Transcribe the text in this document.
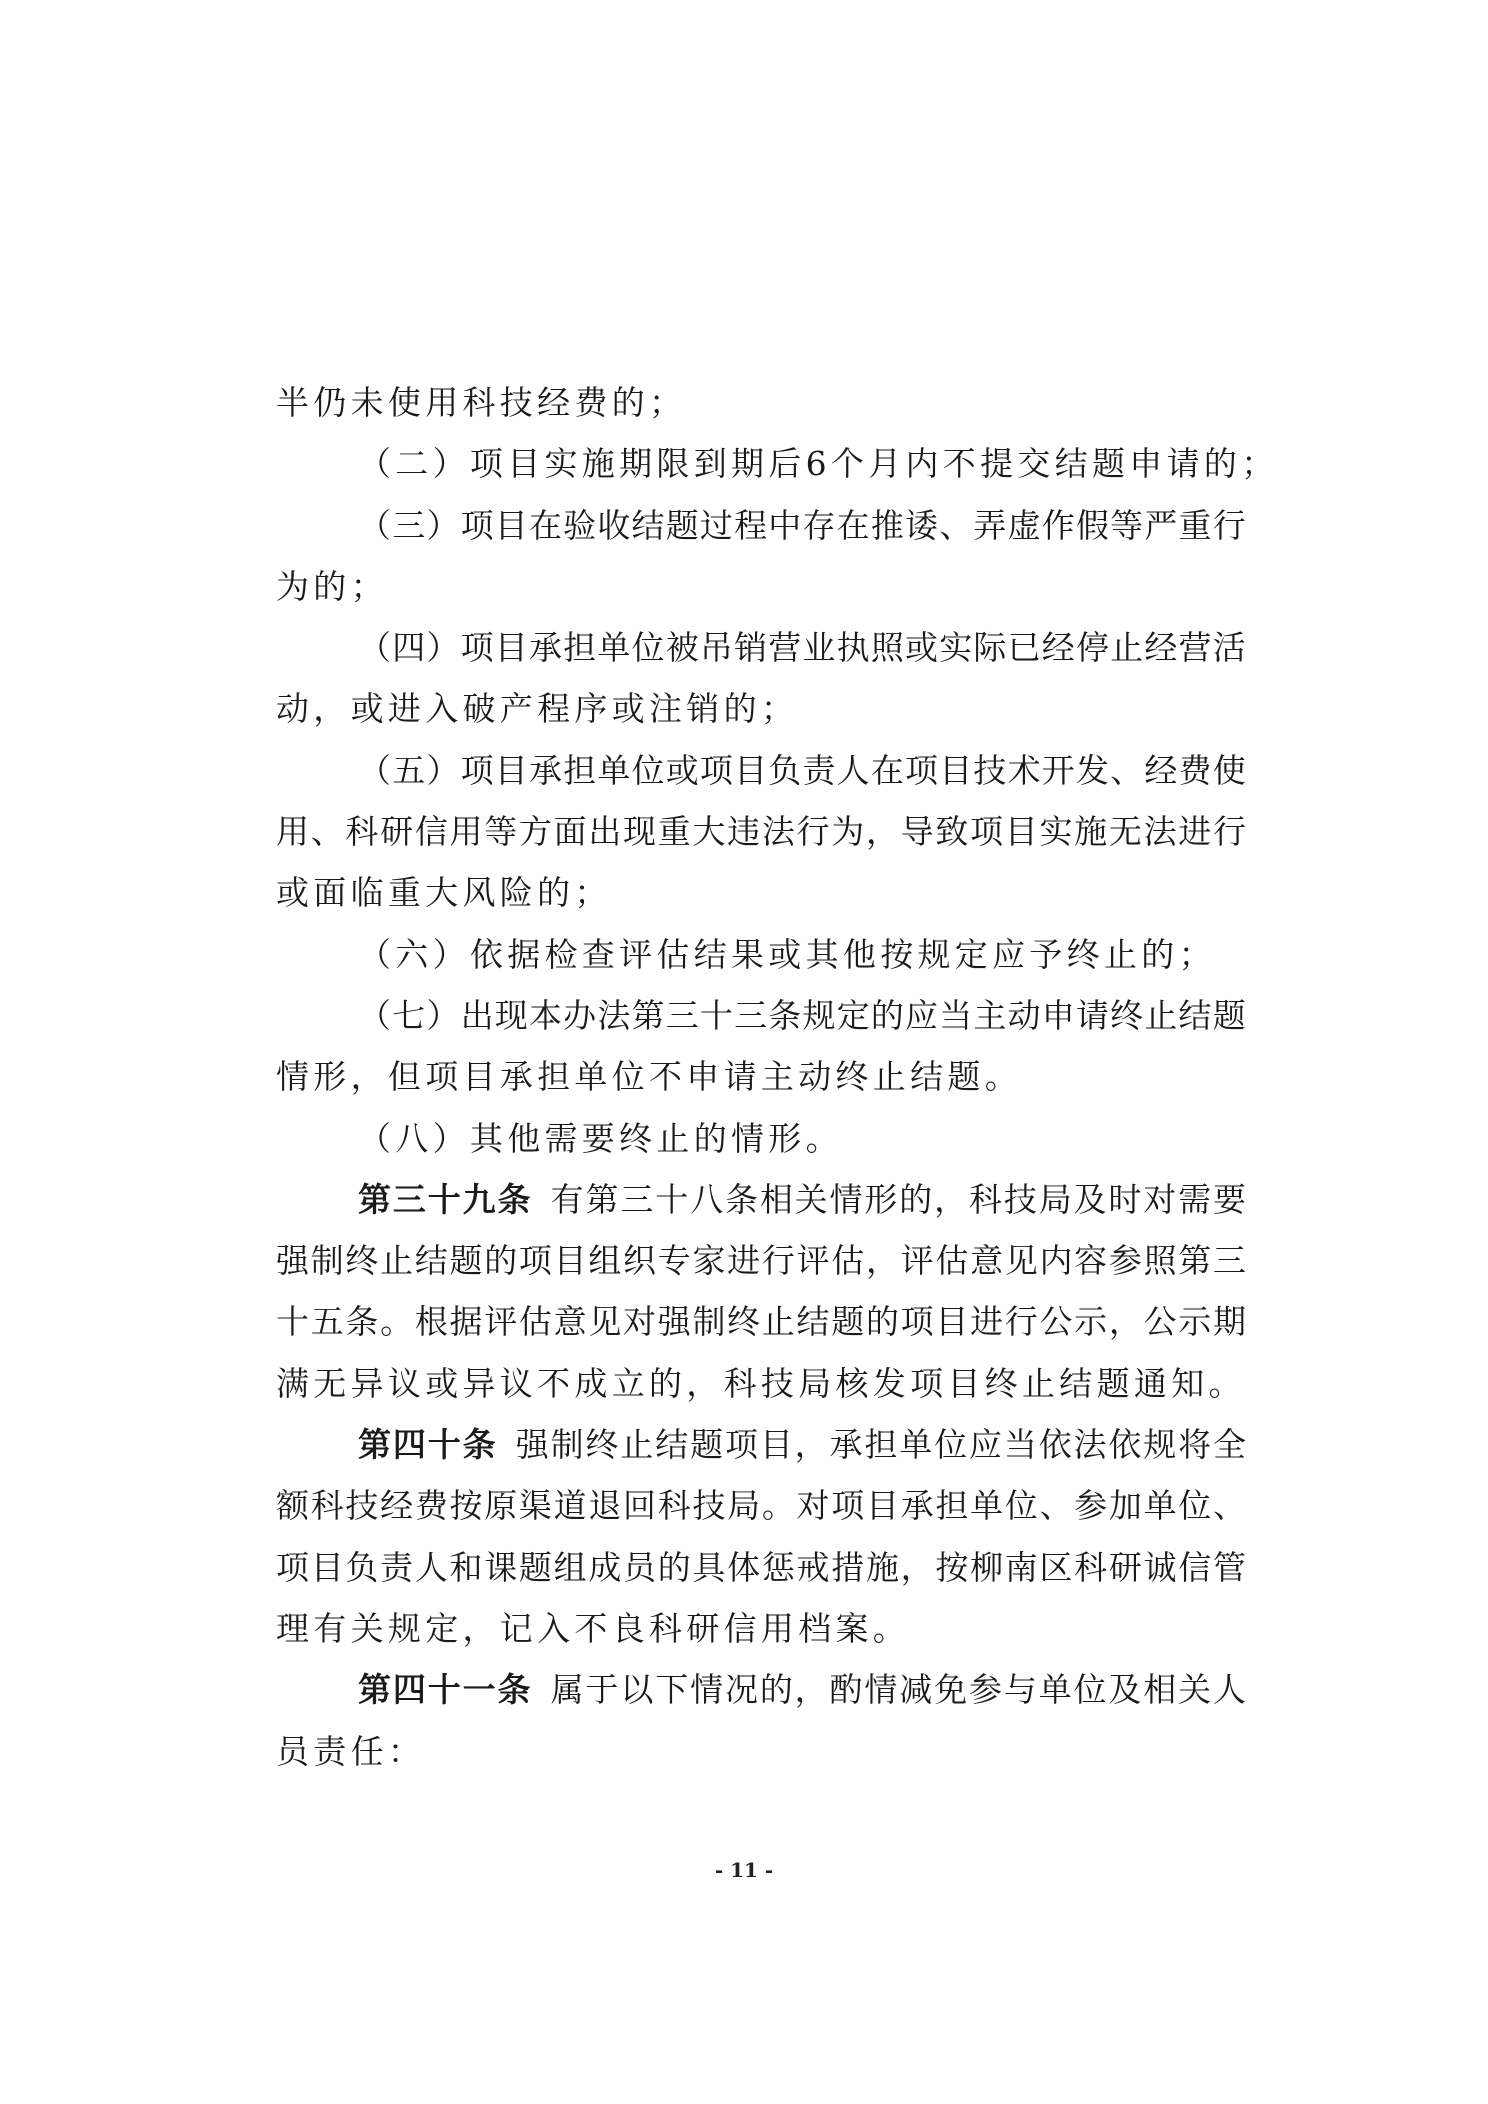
半仍未使用科技经费的；
（二）项目实施期限到期后6个月内不提交结题申请的；
（ 三 ） 项 目 在 验 收 结 题 过 程 中 存 在 推 诿 、 弄 虚 作 假 等 严 重 行
为的；
（ 四 ） 项 目 承 担 单 位 被 吊 销 营 业 执 照 或 实 际 已 经 停 止 经 营 活
动，或进入破产程序或注销的；
（ 五 ） 项 目 承 担 单 位 或 项 目 负 责 人 在 项 目 技 术 开 发 、 经 费 使
用 、 科 研 信 用 等 方 面 出 现 重 大 违 法 行 为 ， 导 致 项 目 实 施 无 法 进 行
或面临重大风险的；
（六）依据检查评估结果或其他按规定应予终止的；
（ 七 ） 出 现 本 办 法 第 三 十 三 条 规 定 的 应 当 主 动 申 请 终 止 结 题
情形，但项目承担单位不申请主动终止结题。
（八）其他需要终止的情形。
第 三 十 九 条
  有 第 三 十 八 条 相 关 情 形 的 ， 科 技 局 及 时 对 需 要
强 制 终 止 结 题 的 项 目 组 织 专 家 进 行 评 估 ， 评 估 意 见 内 容 参 照 第 三
十 五 条 。 根 据 评 估 意 见 对 强 制 终 止 结 题 的 项 目 进 行 公 示 ， 公 示 期
满无异议或异议不成立的，科技局核发项目终止结题通知。
第 四 十 条
  强 制 终 止 结 题 项 目 ， 承 担 单 位 应 当 依 法 依 规 将 全
额 科 技 经 费 按 原 渠 道 退 回 科 技 局 。 对 项 目 承 担 单 位 、 参 加 单 位 、
项 目 负 责 人 和 课 题 组 成 员 的 具 体 惩 戒 措 施 ， 按 柳 南 区 科 研 诚 信 管
理有关规定，记入不良科研信用档案。
第 四 十 一 条
  属 于 以 下 情 况 的 ， 酌 情 减 免 参 与 单 位 及 相 关 人
员责任：
- 11 -
